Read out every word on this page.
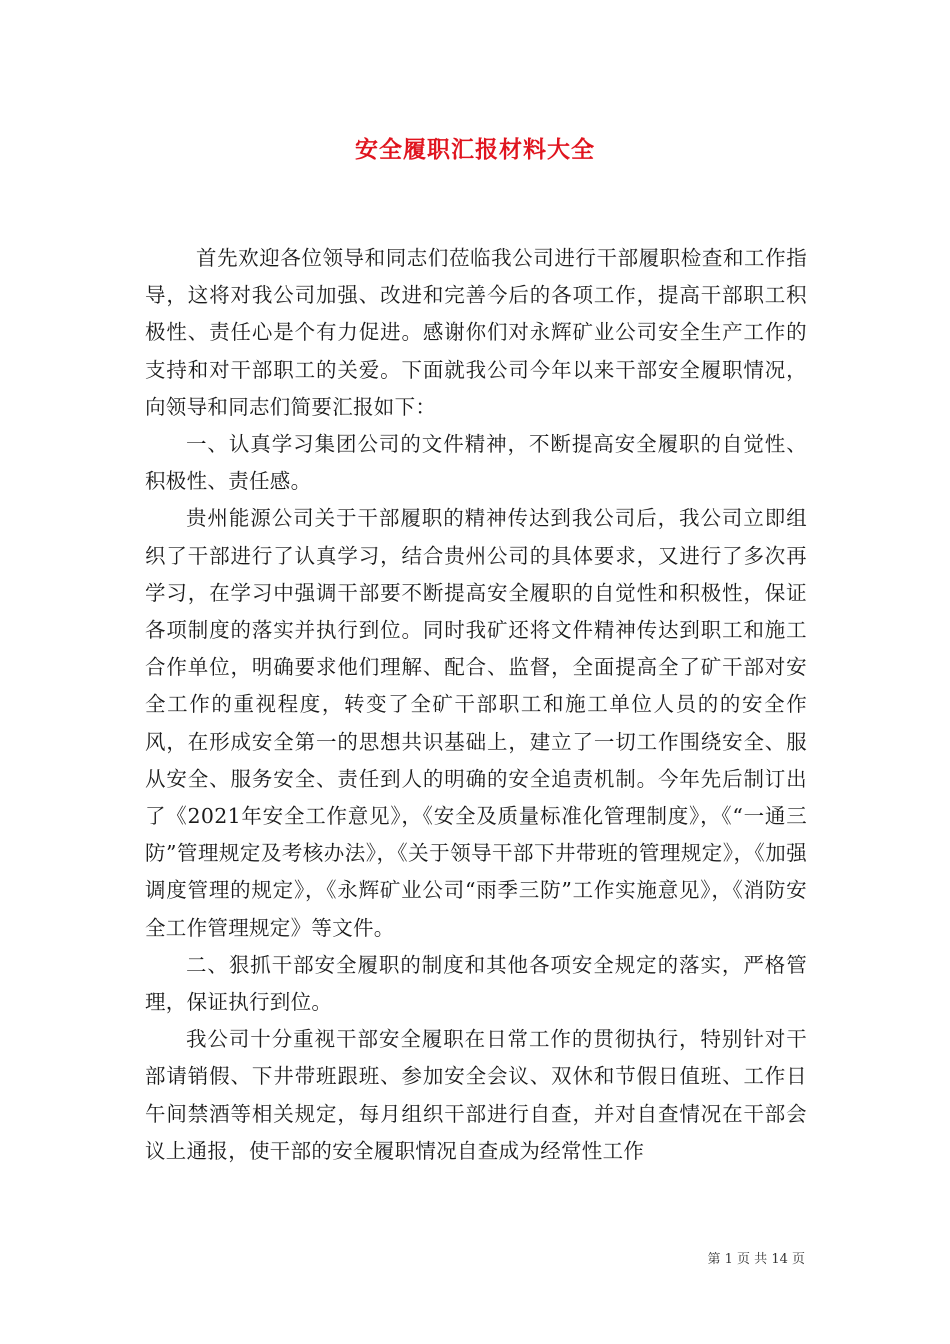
安全履职汇报材料大全

首先欢迎各位领导和同志们莅临我公司进行干部履职检查和工作指导，这将对我公司加强、改进和完善今后的各项工作，提高干部职工积极性、责任心是个有力促进。感谢你们对永辉矿业公司安全生产工作的支持和对干部职工的关爱。下面就我公司今年以来干部安全履职情况，向领导和同志们简要汇报如下：

一、认真学习集团公司的文件精神，不断提高安全履职的自觉性、积极性、责任感。

贵州能源公司关于干部履职的精神传达到我公司后，我公司立即组织了干部进行了认真学习，结合贵州公司的具体要求，又进行了多次再学习，在学习中强调干部要不断提高安全履职的自觉性和积极性，保证各项制度的落实并执行到位。同时我矿还将文件精神传达到职工和施工合作单位，明确要求他们理解、配合、监督，全面提高全了矿干部对安全工作的重视程度，转变了全矿干部职工和施工单位人员的的安全作风，在形成安全第一的思想共识基础上，建立了一切工作围绕安全、服从安全、服务安全、责任到人的明确的安全追责机制。今年先后制订出了《2021年安全工作意见》，《安全及质量标准化管理制度》，《“一通三防”管理规定及考核办法》，《关于领导干部下井带班的管理规定》，《加强调度管理的规定》，《永辉矿业公司“雨季三防”工作实施意见》，《消防安全工作管理规定》等文件。

二、狠抓干部安全履职的制度和其他各项安全规定的落实，严格管理，保证执行到位。

我公司十分重视干部安全履职在日常工作的贯彻执行，特别针对干部请销假、下井带班跟班、参加安全会议、双休和节假日值班、工作日午间禁酒等相关规定，每月组织干部进行自查，并对自查情况在干部会议上通报，使干部的安全履职情况自查成为经常性工作

第 1 页 共 14 页
